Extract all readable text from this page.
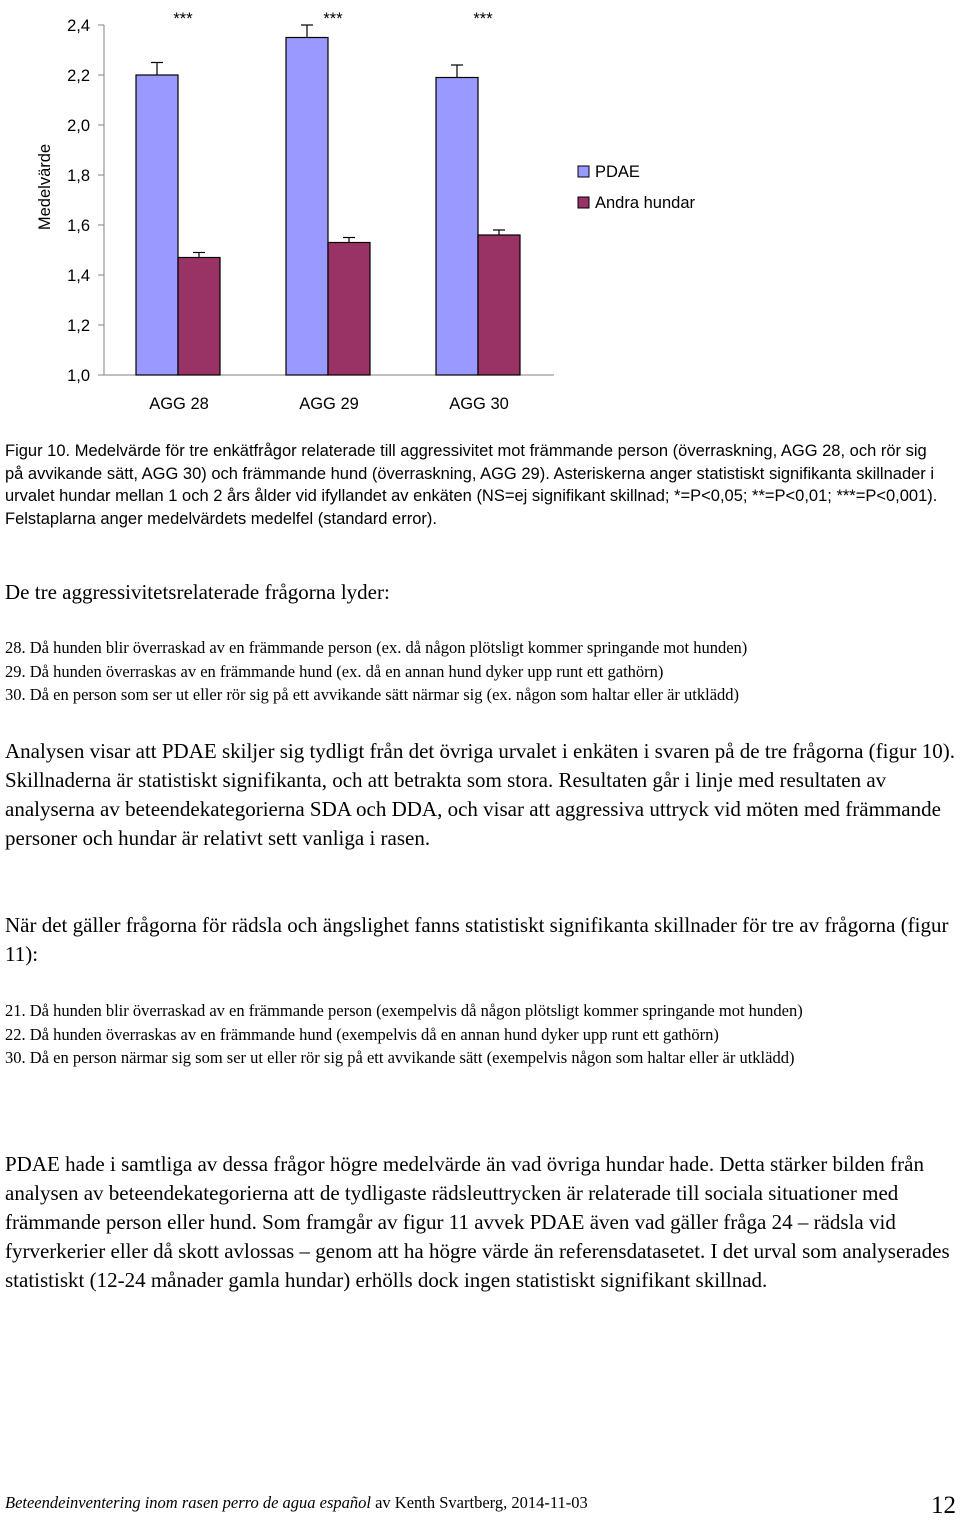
1,0
1,2
1,4
1,6
1,8
2,0
2,2
2,4
Medelvärde
AGG 28
***
AGG 29
***
AGG 30
***
PDAE
Andra hundar

Figur 10. Medelvärde för tre enkätfrågor relaterade till aggressivitet mot främmande person (överraskning, AGG 28, och rör sig på avvikande sätt, AGG 30) och främmande hund (överraskning, AGG 29). Asteriskerna anger statistiskt signifikanta skillnader i urvalet hundar mellan 1 och 2 års ålder vid ifyllandet av enkäten (NS=ej signifikant skillnad; *=P<0,05; **=P<0,01; ***=P<0,001). Felstaplarna anger medelvärdets medelfel (standard error).

De tre aggressivitetsrelaterade frågorna lyder:

28. Då hunden blir överraskad av en främmande person (ex. då någon plötsligt kommer springande mot hunden)
29. Då hunden överraskas av en främmande hund (ex. då en annan hund dyker upp runt ett gathörn)
30. Då en person som ser ut eller rör sig på ett avvikande sätt närmar sig (ex. någon som haltar eller är utklädd)

Analysen visar att PDAE skiljer sig tydligt från det övriga urvalet i enkäten i svaren på de tre frågorna (figur 10). Skillnaderna är statistiskt signifikanta, och att betrakta som stora. Resultaten går i linje med resultaten av analyserna av beteendekategorierna SDA och DDA, och visar att aggressiva uttryck vid möten med främmande personer och hundar är relativt sett vanliga i rasen.

När det gäller frågorna för rädsla och ängslighet fanns statistiskt signifikanta skillnader för tre av frågorna (figur 11):

21. Då hunden blir överraskad av en främmande person (exempelvis då någon plötsligt kommer springande mot hunden)
22. Då hunden överraskas av en främmande hund (exempelvis då en annan hund dyker upp runt ett gathörn)
30. Då en person närmar sig som ser ut eller rör sig på ett avvikande sätt (exempelvis någon som haltar eller är utklädd)

PDAE hade i samtliga av dessa frågor högre medelvärde än vad övriga hundar hade. Detta stärker bilden från analysen av beteendekategorierna att de tydligaste rädsleuttrycken är relaterade till sociala situationer med främmande person eller hund. Som framgår av figur 11 avvek PDAE även vad gäller fråga 24 – rädsla vid fyrverkerier eller då skott avlossas – genom att ha högre värde än referensdatasetet. I det urval som analyserades statistiskt (12-24 månader gamla hundar) erhölls dock ingen statistiskt signifikant skillnad.

Beteendeinventering inom rasen perro de agua español av Kenth Svartberg, 2014-11-03	12
